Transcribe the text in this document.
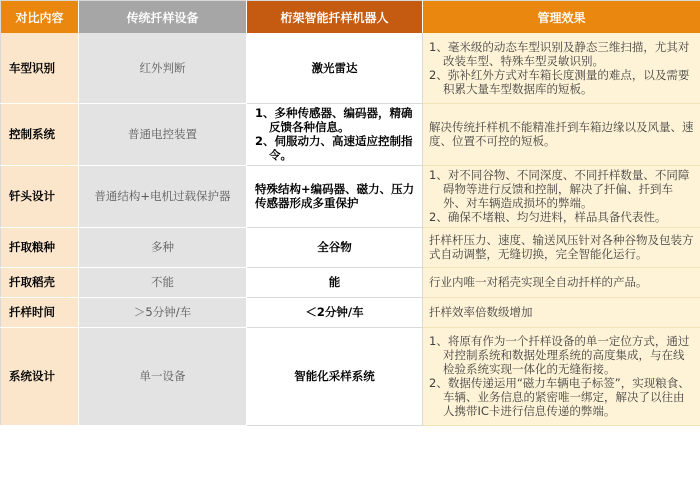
对比内容	传统扦样设备	桁架智能扦样机器人	管理效果
车型识别	红外判断	激光雷达	1、毫米级的动态车型识别及静态三维扫描，尤其对改装车型、特殊车型灵敏识别。
2、弥补红外方式对车箱长度测量的难点，以及需要积累大量车型数据库的短板。

控制系统	普通电控装置	1、多种传感器、编码器，精确反馈各种信息。
2、伺服动力、高速适应控制指令。	解决传统扦样机不能精准扦到车箱边缘以及风量、速度、位置不可控的短板。

钎头设计	普通结构+电机过载保护器	特殊结构+编码器、磁力、压力传感器形成多重保护	1、对不同谷物、不同深度、不同扦样数量、不同障碍物等进行反馈和控制，解决了扦偏、扦到车外、对车辆造成损坏的弊端。
2、确保不堵粮、均匀进料，样品具备代表性。

扦取粮种	多种	全谷物	扦样杆压力、速度、输送风压针对各种谷物及包装方式自动调整，无缝切换，完全智能化运行。

扦取稻壳	不能	能	行业内唯一对稻壳实现全自动扦样的产品。

扦样时间	＞5分钟/车	＜2分钟/车	扦样效率倍数级增加

系统设计	单一设备	智能化采样系统	1、将原有作为一个扦样设备的单一定位方式，通过对控制系统和数据处理系统的高度集成，与在线检验系统实现一体化的无缝衔接。
2、数据传递运用“磁力车辆电子标签”，实现粮食、车辆、业务信息的紧密唯一绑定，解决了以往由人携带IC卡进行信息传递的弊端。
